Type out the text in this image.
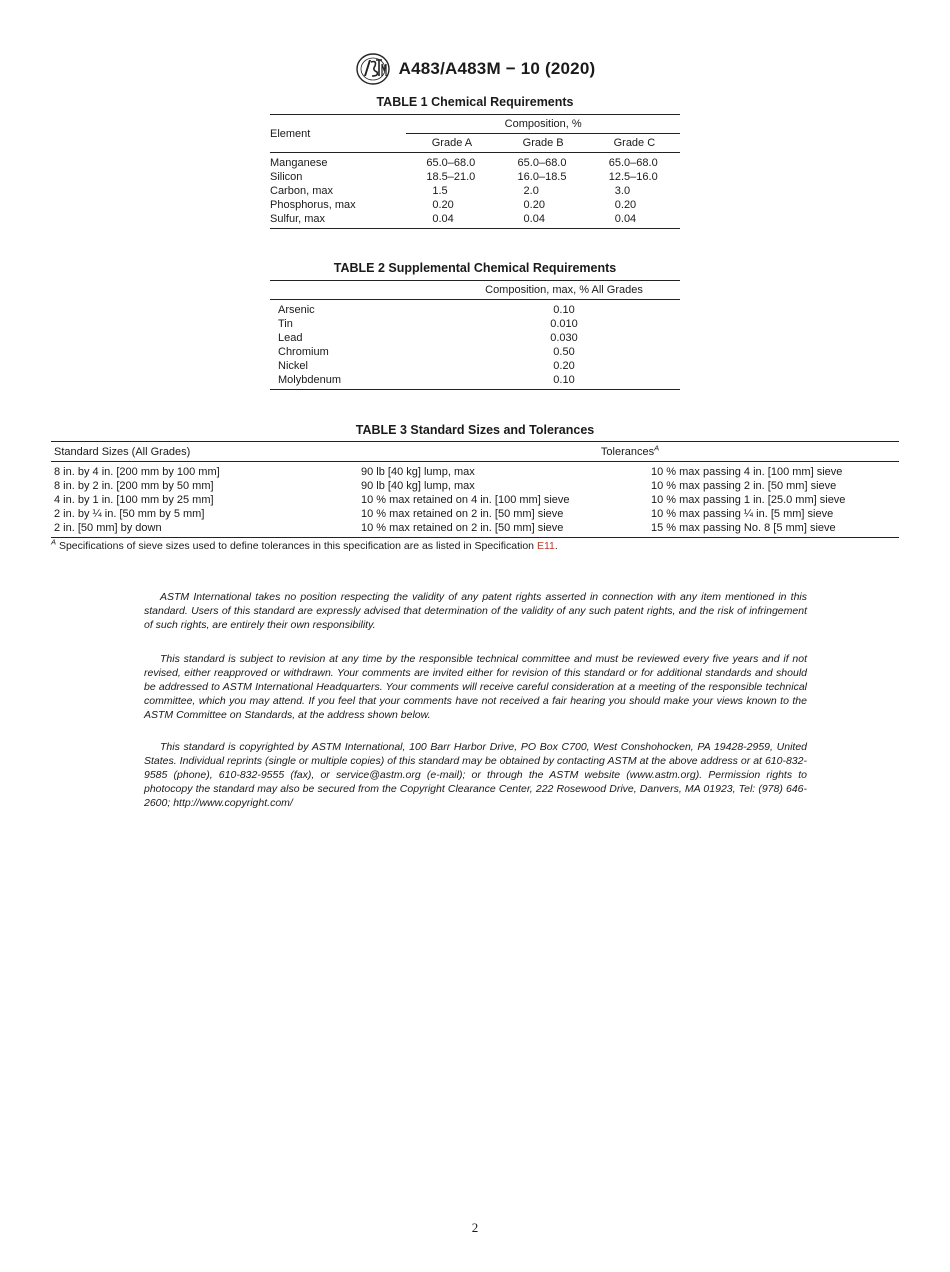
A483/A483M − 10 (2020)
TABLE 1 Chemical Requirements
Element	Composition, %		
	Grade A	Grade B	Grade C
Manganese	65.0–68.0	65.0–68.0	65.0–68.0
Silicon	18.5–21.0	16.0–18.5	12.5–16.0
Carbon, max	1.5	2.0	3.0
Phosphorus, max	0.20	0.20	0.20
Sulfur, max	0.04	0.04	0.04
TABLE 2 Supplemental Chemical Requirements
	Composition, max, % All Grades
Arsenic	0.10
Tin	0.010
Lead	0.030
Chromium	0.50
Nickel	0.20
Molybdenum	0.10
TABLE 3 Standard Sizes and Tolerances
Standard Sizes (All Grades)	Tolerances$^A$
8 in. by 4 in. [200 mm by 100 mm]	90 lb [40 kg] lump, max	10 % max passing 4 in. [100 mm] sieve
8 in. by 2 in. [200 mm by 50 mm]	90 lb [40 kg] lump, max	10 % max passing 2 in. [50 mm] sieve
4 in. by 1 in. [100 mm by 25 mm]	10 % max retained on 4 in. [100 mm] sieve	10 % max passing 1 in. [25.0 mm] sieve
2 in. by ¼ in. [50 mm by 5 mm]	10 % max retained on 2 in. [50 mm] sieve	10 % max passing ¼ in. [5 mm] sieve
2 in. [50 mm] by down	10 % max retained on 2 in. [50 mm] sieve	15 % max passing No. 8 [5 mm] sieve
$^A$ Specifications of sieve sizes used to define tolerances in this specification are as listed in Specification E11.

ASTM International takes no position respecting the validity of any patent rights asserted in connection with any item mentioned in this standard. Users of this standard are expressly advised that determination of the validity of any such patent rights, and the risk of infringement of such rights, are entirely their own responsibility.

This standard is subject to revision at any time by the responsible technical committee and must be reviewed every five years and if not revised, either reapproved or withdrawn. Your comments are invited either for revision of this standard or for additional standards and should be addressed to ASTM International Headquarters. Your comments will receive careful consideration at a meeting of the responsible technical committee, which you may attend. If you feel that your comments have not received a fair hearing you should make your views known to the ASTM Committee on Standards, at the address shown below.

This standard is copyrighted by ASTM International, 100 Barr Harbor Drive, PO Box C700, West Conshohocken, PA 19428-2959, United States. Individual reprints (single or multiple copies) of this standard may be obtained by contacting ASTM at the above address or at 610-832-9585 (phone), 610-832-9555 (fax), or service@astm.org (e-mail); or through the ASTM website (www.astm.org). Permission rights to photocopy the standard may also be secured from the Copyright Clearance Center, 222 Rosewood Drive, Danvers, MA 01923, Tel: (978) 646-2600; http://www.copyright.com/

2
